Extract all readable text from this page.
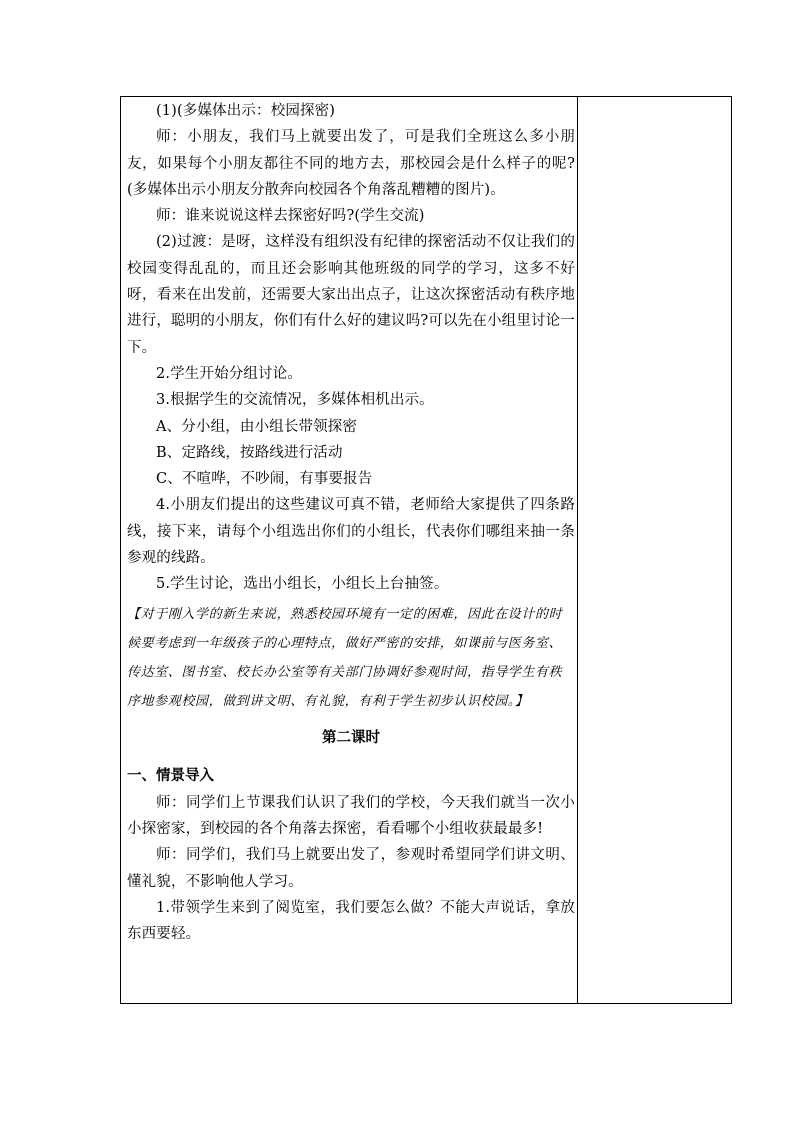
(1)(多媒体出示：校园探密)

师：小朋友，我们马上就要出发了，可是我们全班这么多小朋友，如果每个小朋友都往不同的地方去，那校园会是什么样子的呢?(多媒体出示小朋友分散奔向校园各个角落乱糟糟的图片)。

师：谁来说说这样去探密好吗?(学生交流)

(2)过渡：是呀，这样没有组织没有纪律的探密活动不仅让我们的校园变得乱乱的，而且还会影响其他班级的同学的学习，这多不好呀，看来在出发前，还需要大家出出点子，让这次探密活动有秩序地进行，聪明的小朋友，你们有什么好的建议吗?可以先在小组里讨论一下。

2.学生开始分组讨论。

3.根据学生的交流情况，多媒体相机出示。

A、分小组，由小组长带领探密

B、定路线，按路线进行活动

C、不喧哗，不吵闹，有事要报告

4.小朋友们提出的这些建议可真不错，老师给大家提供了四条路线，接下来，请每个小组选出你们的小组长，代表你们哪组来抽一条参观的线路。

5.学生讨论，选出小组长，小组长上台抽签。

【对于刚入学的新生来说，熟悉校园环境有一定的困难，因此在设计的时候要考虑到一年级孩子的心理特点，做好严密的安排，如课前与医务室、传达室、图书室、校长办公室等有关部门协调好参观时间，指导学生有秩序地参观校园，做到讲文明、有礼貌，有利于学生初步认识校园。】

第二课时

一、情景导入

师：同学们上节课我们认识了我们的学校，今天我们就当一次小小探密家，到校园的各个角落去探密，看看哪个小组收获最最多!

师：同学们，我们马上就要出发了，参观时希望同学们讲文明、懂礼貌，不影响他人学习。

1.带领学生来到了阅览室，我们要怎么做？不能大声说话，拿放东西要轻。
